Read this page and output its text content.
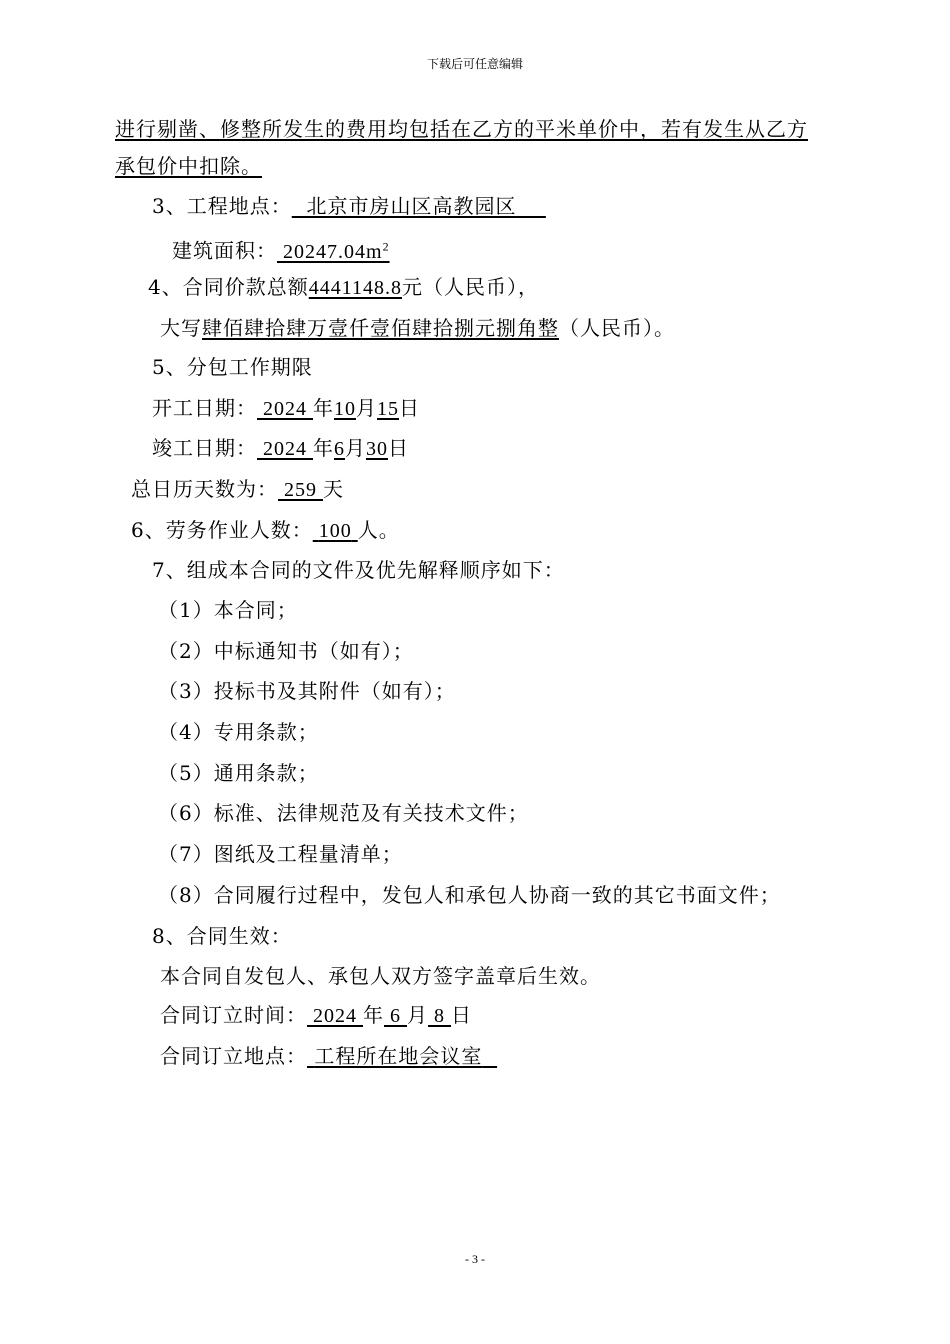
下载后可任意编辑
进行剔凿、修整所发生的费用均包括在乙方的平米单价中，若有发生从乙方
承包价中扣除。
3、工程地点： 北京市房山区高教园区
建筑面积： $20247.04m^2$
4、合同价款总额4441148.8元（人民币），
大写肆佰肆拾肆万壹仟壹佰肆拾捌元捌角整（人民币）。
5、分包工作期限
开工日期： 2024 年10月15日
竣工日期： 2024 年6月30日
总日历天数为： 259 天
6、劳务作业人数： 100 人。
7、组成本合同的文件及优先解释顺序如下：
（1）本合同；
（2）中标通知书（如有）；
（3）投标书及其附件（如有）；
（4）专用条款；
（5）通用条款；
（6）标准、法律规范及有关技术文件；
（7）图纸及工程量清单；
（8）合同履行过程中，发包人和承包人协商一致的其它书面文件；
8、合同生效：
本合同自发包人、承包人双方签字盖章后生效。
合同订立时间： 2024 年 6 月 8 日
合同订立地点： 工程所在地会议室
- 3 -
